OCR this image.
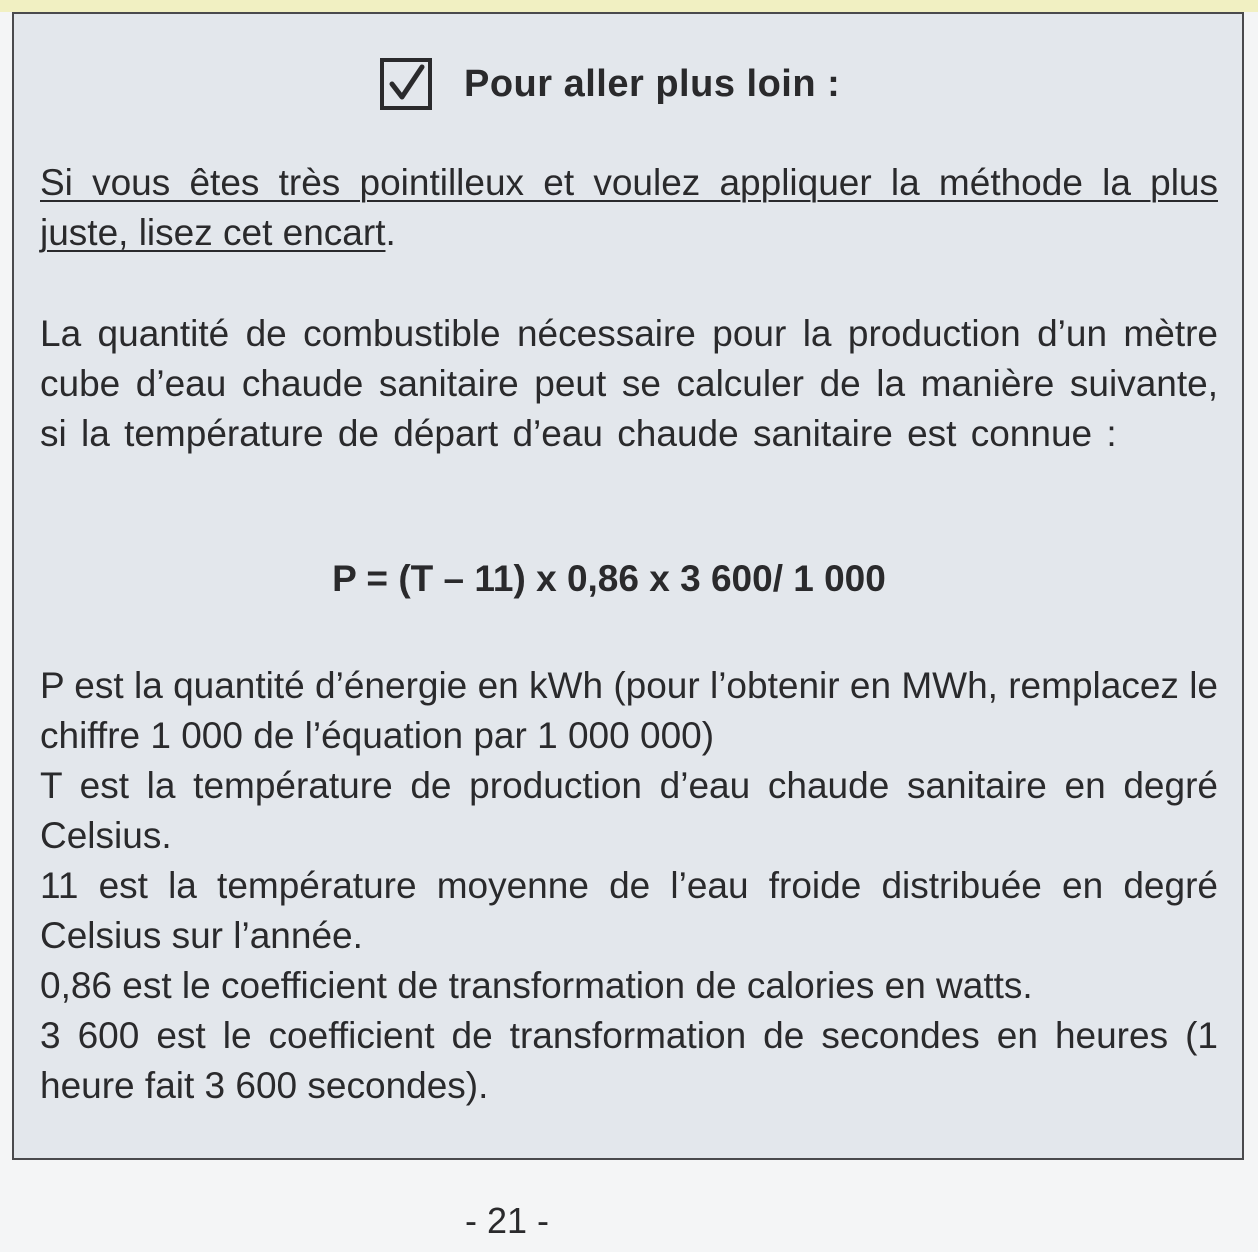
Pour aller plus loin :
Si vous êtes très pointilleux et voulez appliquer la méthode la plus juste, lisez cet encart.
La quantité de combustible nécessaire pour la production d’un mètre cube d’eau chaude sanitaire peut se calculer de la manière suivante, si la température de départ d’eau chaude sanitaire est connue :
P = (T – 11) x 0,86 x 3 600/ 1 000

P est la quantité d’énergie en kWh (pour l’obtenir en MWh, remplacez le chiffre 1 000 de l’équation par 1 000 000)

T est la température de production d’eau chaude sanitaire en degré Celsius.

11 est la température moyenne de l’eau froide distribuée en degré Celsius sur l’année.

0,86 est le coefficient de transformation de calories en watts.

3 600 est le coefficient de transformation de secondes en heures (1 heure fait 3 600 secondes).

- 21 -
